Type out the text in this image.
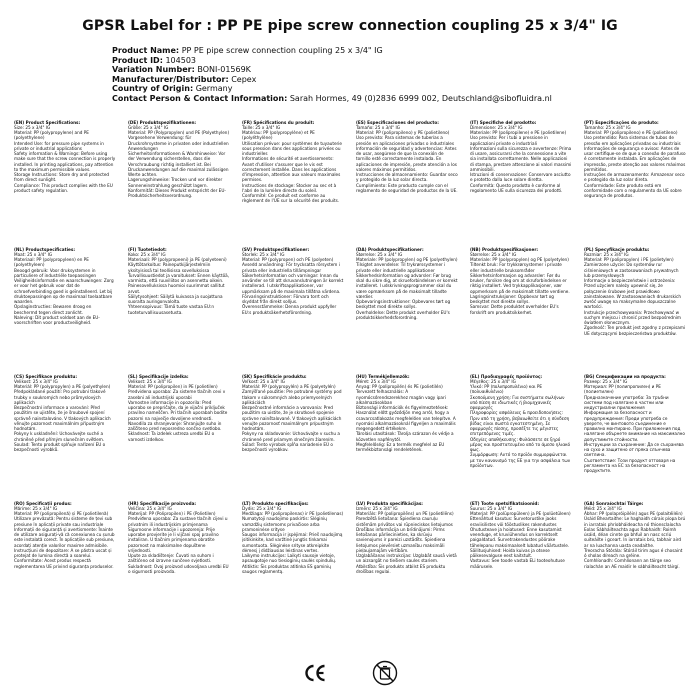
GPSR Label for : PP PE pipe screw connection coupling 25 x 3/4" IG
Product Name: PP PE pipe screw connection coupling 25 x 3/4" IG
Product ID: 104503
Variation Number: BONI-01569K
Manufacturer/Distributor: Cepex
Country of Origin: Germany
Contact Person & Contact Information: Sarah Hormes, 49 (0)2836 6999 002, Deutschland@sibofluidra.nl
(EN) Product Specifications:
Size: 25 x 3/4" IG
Material: PP (polypropylene) and PE (polyethylene)
Intended Use: for pressure pipe systems in private or industrial applications
Safety information & Warnings: Before using make sure that the screw connection is properly installed. In printing applications, pay attention to the maximum permissible values.
Storage Instructions: Store dry and protected from direct sunlight.
Compliance: This product complies with the EU product safety regulation.
(DE) Produktspezifikationen:
Größe: 25 x 3/4" IG
Material: PP (Polypropylen) und PE (Polyethylen)
Vorgesehene Verwendung: für Druckrohrsysteme in privaten oder industriellen Anwendungen
Sicherheitsinformationen & Warnhinweise: Vor der Verwendung sicherstellen, dass die Verschraubung richtig installiert ist. Bei Druckanwendungen auf die maximal zulässigen Werte achten.
Lagerungshinweise: Trocken und vor direkter Sonneneinstrahlung geschützt lagern.
Konformität: Dieses Produkt entspricht der EU-Produktsicherheitsverordnung.
(FR) Spécifications du produit:
Taille: 25 x 3/4" IG
Matériau: PP (polypropylène) et PE (polyéthylène)
Utilisation prévue: pour systèmes de tuyauterie sous pression dans des applications privées ou industrielles
Informations de sécurité et avertissements: Avant d'utiliser s'assurer que le vis est correctement installée. Dans les applications d'impression, attention aux valeurs maximales permises.
Instructions de stockage: Stocker au sec et à l'abri de la lumière directe du soleil.
Conformité: Ce produit est conforme au règlement de l'UE sur la sécurité des produits.
(ES) Especificaciones del producto:
Tamaño: 25 x 3/4" IG
Material: PP (polipropileno) y PE (polietileno)
Uso previsto: Para sistemas de tuberías a presión en aplicaciones privadas o industriales
Información de seguridad y advertencias: Antes de usar, asegúrese de que la conexión de tornillo esté correctamente instalada. En aplicaciones de impresión, preste atención a los valores máximos permitidos.
Instrucciones de almacenamiento: Guardar seco y protegido de la luz solar directa.
Cumplimiento: Este producto cumple con el reglamento de seguridad de productos de la UE.
(IT) Specifiche del prodotto:
Dimensione: 25 x 3/4" IG
Materiale: PP (polipropilene) e PE (polietilene)
Uso previsto: Per i tubi a pressione in applicazioni private o industriali
Informazioni sulla sicurezza e avvertenze: Prima di usare, assicurarsi che la connessione a vite sia installata correttamente. Nelle applicazioni di stampa, prestare attenzione ai valori massimi ammissibili.
Istruzioni di conservazione: Conservare asciutto e protetto dalla luce solare diretta.
Conformità: Questo prodotto è conforme al regolamento UE sulla sicurezza dei prodotti.
(PT) Especificações do produto:
Tamanho: 25 x 3/4" IG
Material: PP (polipropileno) e PE (polietileno)
Uso pretendido: Para sistemas de tubos de pressão em aplicações privadas ou industriais
Informações de segurança e avisos: Antes de usar certifique-se de que a conexão de parafuso é corretamente instalada. Em aplicações de impressão, preste atenção aos valores máximos permitidos.
Instruções de armazenamento: Armazenar seco e protegido da luz solar direta.
Conformidade: Este produto está em conformidade com o regulamento da UE sobre segurança de produtos.
(NL) Productspecificaties:
Maat: 25 x 3/4" IG
Materiaal: PP (polypropyleen) en PE (polyethyleen)
Beoogd gebruik: Voor druksystemen in particuliere of industriële toepassingen
Veiligheidsinformatie en waarschuwingen: Zorg er voor het gebruik voor dat de schroefverbinding goed is geïnstalleerd. Let bij druktoepassingen op de maximaal toelaatbare waarden.
Opslaginstructies: Bewaren droog en beschermd tegen direct zonlicht.
Naleving: Dit product voldoet aan de EU-voorschriften voor productveiligheid.
(FI) Tuotetiedot:
Koko: 25 x 3/4" IG
Materiaali: PP (polypropeeni) ja PE (polyeteeni)
Käyttötarkoitus: Paineputkijärjestelmiin yksityisissä tai teollisissa sovelluksissa
Turvallisuustiedot ja varoitukset: Ennen käyttöä, varmista, että ruuviliitos on asennettu oikein. Painesovelluksissa huomioi suurimmat sallitut arvot.
Säilytysohjeet: Säilytä kuivassa ja suojattuna suoralta auringonvalolta.
Yhteensopivuus: Tämä tuote vastaa EU:n tuoteturvallisuusasetusta.
(SV) Produktspecifikationer:
Storlek: 25 x 3/4" IG
Material: PP (polypropen) och PE (polyeten)
Avsedd användning: För trycksatta rörsystem i privata eller industriella tillämpningar
Säkerhetsinformation och varningar: Innan du använder se till att skruvanslutningen är korrekt installerad. I utskriftsapplikationer, var uppmärksam på de maximala tillåtna värdena.
Förvaringsinstruktioner: Förvara torrt och skyddat från direkt solljus.
Överensstämmelse: Denna produkt uppfyller EU:s produktsäkerhetsförordning.
(DA) Produktspecifikationer:
Størrelse: 25 x 3/4" IG
Materiale: PP (polypropylen) og PE (polyethylen)
Tilsigtet anvendelse: Til trykrørssystemer i private eller industrielle applikationer
Sikkerhedsinformation og advarsler: Før brug skal du sikre dig, at skrueforbindelsen er korrekt installeret. I udskrivningsprogrammer skal du være opmærksom på de maksimalt tilladte værdier.
Opbevaringsinstruktioner: Opbevares tørt og beskyttet mod direkte sollys.
Overholdelse: Dette produkt overholder EU's produktsikkerhedsforordning.
(NB) Produktspesifikasjoner:
Størrelse: 25 x 3/4" IG
Materiale: PP (polypropylen) og PE (polyetylen)
Tiltenkt bruk: For trykkrørsystemer i private eller industrielle bruksområder
Sikkerhetsinformasjon og advarsler: Før du bruker, forsikre deg om at skruforbindelsen er riktig installert. Ved trykkapplikasjoner, vær oppmerksom på de maksimalt tillatte verdiene.
Lagringsinstruksjoner: Oppbevar tørt og beskyttet mot direkte sollys.
Samsvar: Dette produktet overholder EU's forskrift om produktsikkerhet.
(PL) Specyfikacje produktu:
Rozmiar: 25 x 3/4" IG
Materiał: PP (polipropylen) i PE (polietylen)
Zamierzone użycie: Do systemów rur ciśnieniowych w zastosowaniach prywatnych lub przemysłowych
Informacje o bezpieczeństwie i ostrzeżenia: Przed użyciem należy upewnić się, że połączenie śrubowe jest prawidłowo zainstalowane. W zastosowaniach drukarskich zwróć uwagę na maksymalne dopuszczalne wartości.
Instrukcje przechowywania: Przechowywać w suchym miejscu i chronić przed bezpośrednim światłem słonecznym.
Zgodność: Ten produkt jest zgodny z przepisami UE dotyczącymi bezpieczeństwa produktów.
(CS) Specifikace produktu:
Velikost: 25 x 3/4" IG
Materiál: PP (polypropylen) a PE (polyethylen)
Předpokládané použití: Pro potrubní tlakové trubky v soukromých nebo průmyslových aplikacích
Bezpečnostní informace a varování: Před použitím se ujistěte, že je šroubové spojení správně nainstalováno. V tlakových aplikacích věnujte pozornost maximálním přípustným hodnotám.
Pokyny k uskladnění: Uchovávejte suché a chráněné před přímým slunečním světlem.
Soulad: Tento produkt splňuje nařízení EU o bezpečnosti výrobků.
(SL) Specifikacije izdelka:
Velikost: 25 x 3/4" IG
Material: PP (polipropilen) in PE (polietilen)
Predvidena uporaba: Za sisteme tlačnih cevi v zasebni ali industrijski uporabi
Varnostne informacije in opozorila: Pred uporabo se prepričajte, da je vijačni priključek pravilno nameščen. Pri tlačnih uporabah bodite pozorni na največje dovoljene vrednosti.
Navodila za shranjevanje: Shranjujte suho in zaščiteno pred neposredno sončno svetlobo.
Skladnost: Ta izdelek ustreza uredbi EU o varnosti izdelkov.
(SK) Špecifikácie produktu:
Veľkosť: 25 x 3/4" IG
Materiál: PP (polypropylén) a PE (polyetylén)
Zamýšľané použitie: Pre potrubné systémy pod tlakom v súkromných alebo priemyselných aplikáciách
Bezpečnostné informácie a varovania: Pred použitím sa uistite, že je skrutkové spojenie správne nainštalované. V tlakových aplikáciách venujte pozornosť maximálnym prípustným hodnotám.
Pokyny na skladovanie: Uchovávajte v suchu a chránené pred priamym slnečným žiarením.
Súlad: Tento výrobok spĺňa nariadenie EÚ o bezpečnosti výrobkov.
(HU) Termékjellemzők:
Méret: 25 x 3/4" IG
Anyag: PP (polipropilén) és PE (polietilén)
Tervezett felhasználás: A nyomócsőrendszerekhez magán vagy ipari alkalmazásokban
Biztonsági információk és figyelmeztetések: Használat előtt győződjön meg arról, hogy a csavarcsatlakozás megfelelően van telepítve. A nyomási alkalmazásoknál figyeljen a maximális megengedett értékekre.
Tárolási utasítások: Tárolja szárazon és védje a közvetlen napfénytől.
Megfelelőség: Ez a termék megfelel az EU termékbiztonsági rendeletének.
(EL) Προδιαγραφές προϊόντος:
Μέγεθος: 25 x 3/4" IG
Υλικό: PP (πολυπροπυλένιο) και PE (πολυαιθυλένιο)
Σκοπούμενη χρήση: Για συστήματα σωλήνων υπό πίεση σε ιδιωτικές ή βιομηχανικές εφαρμογές
Πληροφορίες ασφάλειας & προειδοποιήσεις: Πριν από τη χρήση, βεβαιωθείτε ότι η σύνδεση βίδας είναι σωστά εγκατεστημένη. Σε εφαρμογές πίεσης, προσέξτε τις μέγιστες επιτρεπόμενες τιμές.
Οδηγίες αποθήκευσης: Φυλάσσετε σε ξηρό μέρος και προστατευμένο από το άμεσο ηλιακό φως.
Συμμόρφωση: Αυτό το προϊόν συμμορφώνεται με τον κανονισμό της ΕΕ για την ασφάλεια των προϊόντων.
(BG) Спецификации на продукта:
Размер: 25 x 3/4" IG
Материал: PP (полипропилен) и PE (полиетилен)
Предназначение употреба: За тръбни системи под налягане в частни или индустриални приложения
Информация за безопасност и предупреждения: Преди употреба се уверете, че винтовото съединение е правилно монтирано. При приложения под налягане обърнете внимание на максимално допустимите стойности.
Инструкции за съхранение: Да се съхранява на сухо и защитено от пряка слънчева светлина.
Съответствие: Този продукт отговаря на регламента на ЕС за безопасност на продуктите.
(RO) Specificații produs:
Mărime: 25 x 3/4" IG
Material: PP (polipropilenă) și PE (polietilenă)
Utilizare prevăzută: Pentru sisteme de țevi sub presiune în aplicații private sau industriale
Informații de siguranță și avertismente: Înainte de utilizare asigurați-vă că conexiunea cu șurub este instalată corect. În aplicațiile sub presiune, acordați atenție valorilor maxime admisibile.
Instrucțiuni de depozitare: A se păstra uscat și protejat de lumina directă a soarelui.
Conformitate: Acest produs respectă reglementarea UE privind siguranța produselor.
(HR) Specifikacije proizvoda:
Veličina: 25 x 3/4" IG
Materijal: PP (Polipropilen) i PE (Polietilen)
Predviđena uporaba: Za sustave tlačnih cijevi u privatnim ili industrijskim primjenama
Sigurnosne informacije i upozorenja: Prije uporabe provjerite je li vijčani spoj pravilno instaliran. U tlačnim primjenama obratite pozornost na maksimalne dopuštene vrijednosti.
Upute za skladištenje: Čuvati na suhom i zaštićeno od izravne sunčeve svjetlosti.
Sukladnost: Ovaj proizvod udovoljava uredbi EU o sigurnosti proizvoda.
(LT) Produkto specifikacijos:
Dydis: 25 x 3/4" IG
Medžiaga: PP (polipropilenas) ir PE (polietilenas)
Numatytoji naudojimo paskirtis: Slėginių vamzdžių sistemoms privačiose arba pramoninėse srityse
Saugos informacija ir įspėjimai: Prieš naudojimą įsitikinkite, kad varžtinė jungtis tinkamai sumontuota. Slėginėse srityse atkreipkite dėmesį į didžiausias leistinas vertes.
Laikymo instrukcijos: Laikyti sausoje vietoje, apsaugotoje nuo tiesioginių saulės spindulių.
Atitiktis: Šis produktas atitinka ES gaminių saugos reglamentą.
(LV) Produkta specifikācijas:
Izmērs: 25 x 3/4" IG
Materiāls: PP (polipropilēns) un PE (polietilēns)
Paredzētā lietošana: Spiediena cauruļu sistēmām privātos vai rūpnieciskos lietojumos
Drošības informācija un brīdinājumi: Pirms lietošanas pārliecinieties, ka skrūvju savienojums ir pareizi uzstādīts. Spiediena lietojumos pievērsiet uzmanību maksimāli pieļaujamajām vērtībām.
Uzglabāšanas instrukcijas: Uzglabāt sausā vietā un aizsargāt no tiešiem saules stariem.
Atbilstība: Šis produkts atbilst ES produktu drošības regulai.
(ET) Toote spetsifikatsioonid:
Suurus: 25 x 3/4" IG
Materjal: PP (polüpropüleen) ja PE (polüetüleen)
Ettenähtud kasutus: Survetorustike jaoks eraviisilistes või tööstuslikes rakendustes
Ohutusteave ja hoiatused: Enne kasutamist veenduge, et kruviühendus on korrektselt paigaldatud. Survetrakendustes pöörake tähelepanu maksimaalselt lubatud väärtustele.
Säilitusjuhised: Hoida kuivas ja otsese päikesevalguse eest kaitstult.
Vastavus: See toode vastab ELi tooteohutuse määrusele.
(GA) Sonraíochtaí Táirge:
Méid: 25 x 3/4" IG
Ábhar: PP (polapróipiléin) agus PE (polaitéiléin)
Úsáid Bheartaithe: Le haghaidh córais píopa brú in iarratais phríobháideacha nó thionsclaíocha
Eolas Sábháilteachta agus Rabhaidh: Roimh úsáid, déan cinnte go bhfuil an nasc scriú suiteáilte i gceart. In iarratais brú, tabhair aird ar na luachanna uasta ceadaithe.
Treoracha Stórála: Stóráil tirim agus é chosaint ó sholas díreach na gréine.
Comhlíonadh: Comhlíonann an táirge seo rialachán an AE maidir le sábháilteacht táirgí.
